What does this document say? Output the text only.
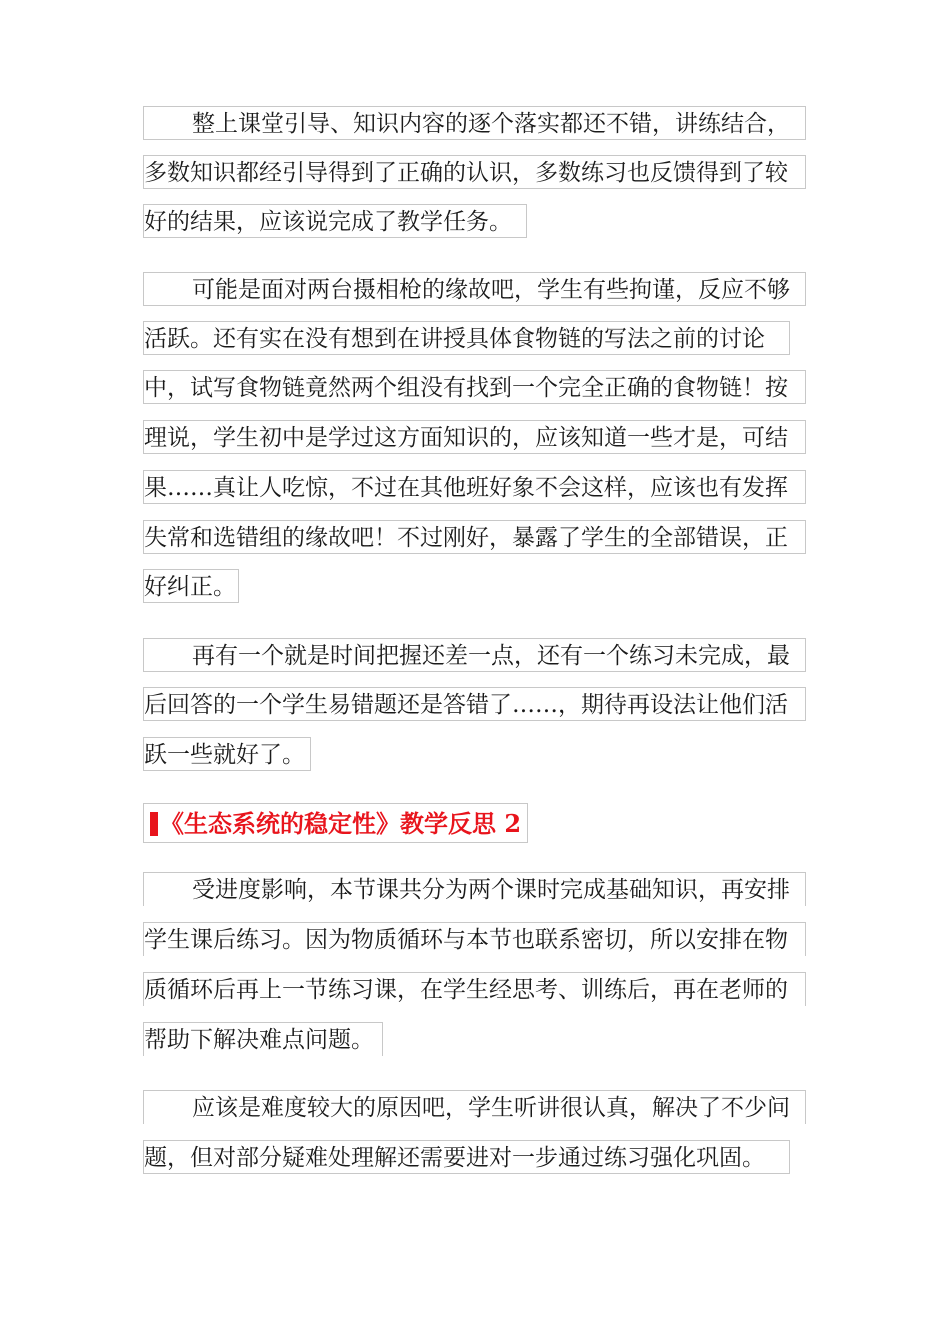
整上课堂引导、知识内容的逐个落实都还不错，讲练结合，
多数知识都经引导得到了正确的认识，多数练习也反馈得到了较
好的结果，应该说完成了教学任务。
可能是面对两台摄相枪的缘故吧，学生有些拘谨，反应不够
活跃。还有实在没有想到在讲授具体食物链的写法之前的讨论
中，试写食物链竟然两个组没有找到一个完全正确的食物链！按
理说，学生初中是学过这方面知识的，应该知道一些才是，可结
果……真让人吃惊，不过在其他班好象不会这样，应该也有发挥
失常和选错组的缘故吧！不过刚好，暴露了学生的全部错误，正
好纠正。
再有一个就是时间把握还差一点，还有一个练习未完成，最
后回答的一个学生易错题还是答错了……，期待再设法让他们活
跃一些就好了。
《生态系统的稳定性》教学反思 2
受进度影响，本节课共分为两个课时完成基础知识，再安排
学生课后练习。因为物质循环与本节也联系密切，所以安排在物
质循环后再上一节练习课，在学生经思考、训练后，再在老师的
帮助下解决难点问题。
应该是难度较大的原因吧，学生听讲很认真，解决了不少问
题，但对部分疑难处理解还需要进对一步通过练习强化巩固。
